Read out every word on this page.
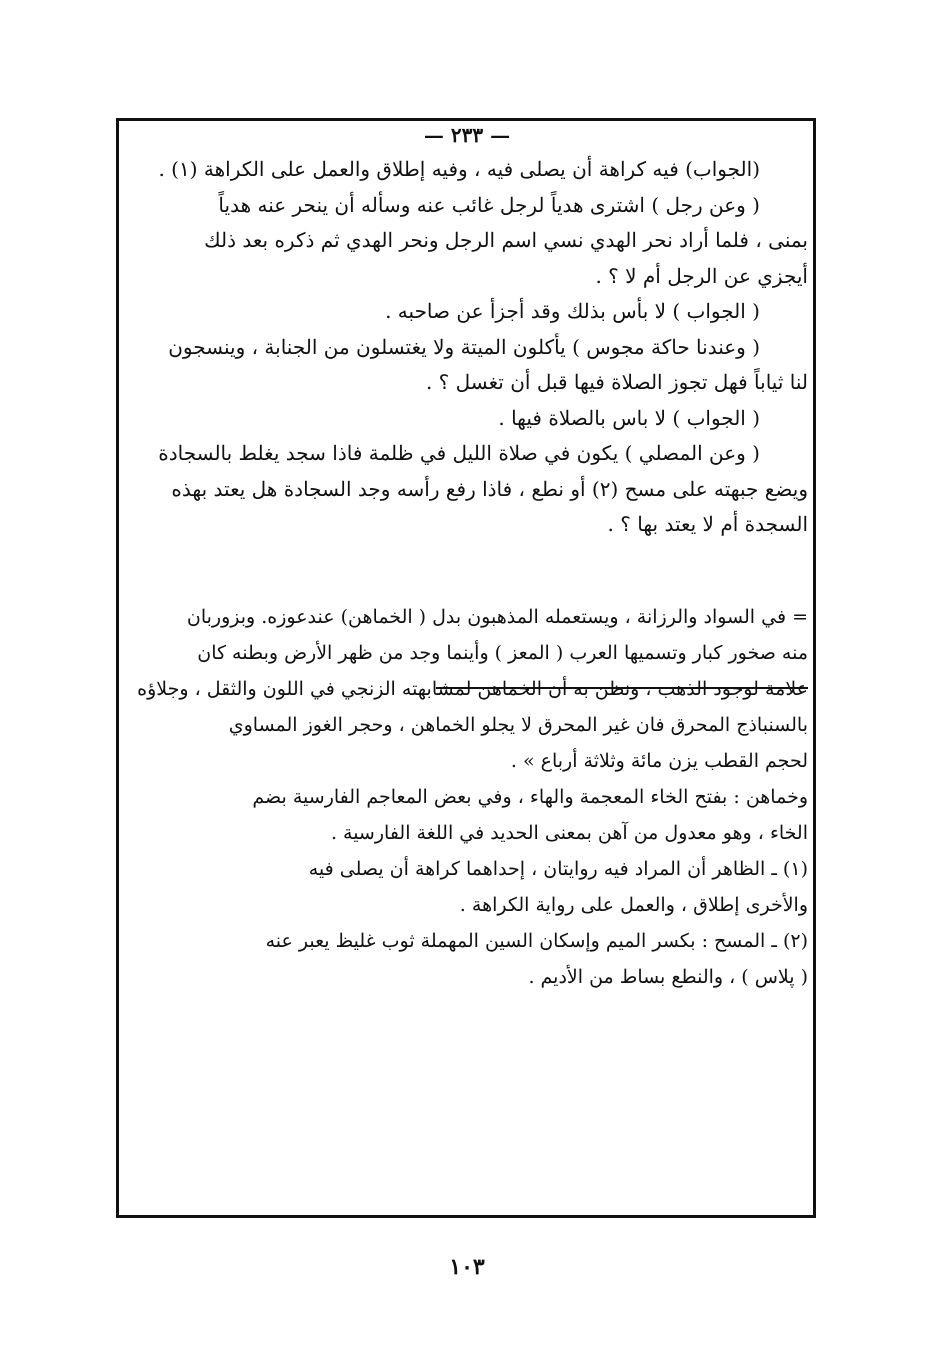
— ٢٣٣ —
(الجواب) فيه كراهة أن يصلى فيه ، وفيه إطلاق والعمل على الكراهة (١) .
( وعن رجل ) اشترى هدياً لرجل غائب عنه وسأله أن ينحر عنه هدياً
بمنى ، فلما أراد نحر الهدي نسي اسم الرجل ونحر الهدي ثم ذكره بعد ذلك
أيجزي عن الرجل أم لا ؟ .
( الجواب ) لا بأس بذلك وقد أجزأ عن صاحبه .
( وعندنا حاكة مجوس ) يأكلون الميتة ولا يغتسلون من الجنابة ، وينسجون
لنا ثياباً فهل تجوز الصلاة فيها قبل أن تغسل ؟ .
( الجواب ) لا باس بالصلاة فيها .
( وعن المصلي ) يكون في صلاة الليل في ظلمة فاذا سجد يغلط بالسجادة
ويضع جبهته على مسح (٢) أو نطع ، فاذا رفع رأسه وجد السجادة هل يعتد بهذه
السجدة أم لا يعتد بها ؟ .
= في السواد والرزانة ، ويستعمله المذهبون بدل ( الخماهن) عندعوزه. وبزوربان
منه صخور كبار وتسميها العرب ( المعز ) وأينما وجد من ظهر الأرض وبطنه كان
علامة لوجود الذهب ، ونظن به أن الخماهن لمشابهته الزنجي في اللون والثقل ، وجلاؤه
بالسنباذج المحرق فان غير المحرق لا يجلو الخماهن ، وحجر الغوز المساوي
لحجم القطب يزن مائة وثلاثة أرباع » .
وخماهن : بفتح الخاء المعجمة والهاء ، وفي بعض المعاجم الفارسية بضم
الخاء ، وهو معدول من آهن بمعنى الحديد في اللغة الفارسية .
(١) ـ الظاهر أن المراد فيه روايتان ، إحداهما كراهة أن يصلى فيه
والأخرى إطلاق ، والعمل على رواية الكراهة .
(٢) ـ المسح : بكسر الميم وإسكان السين المهملة ثوب غليظ يعبر عنه
( پلاس ) ، والنطع بساط من الأديم .
١٠٣
